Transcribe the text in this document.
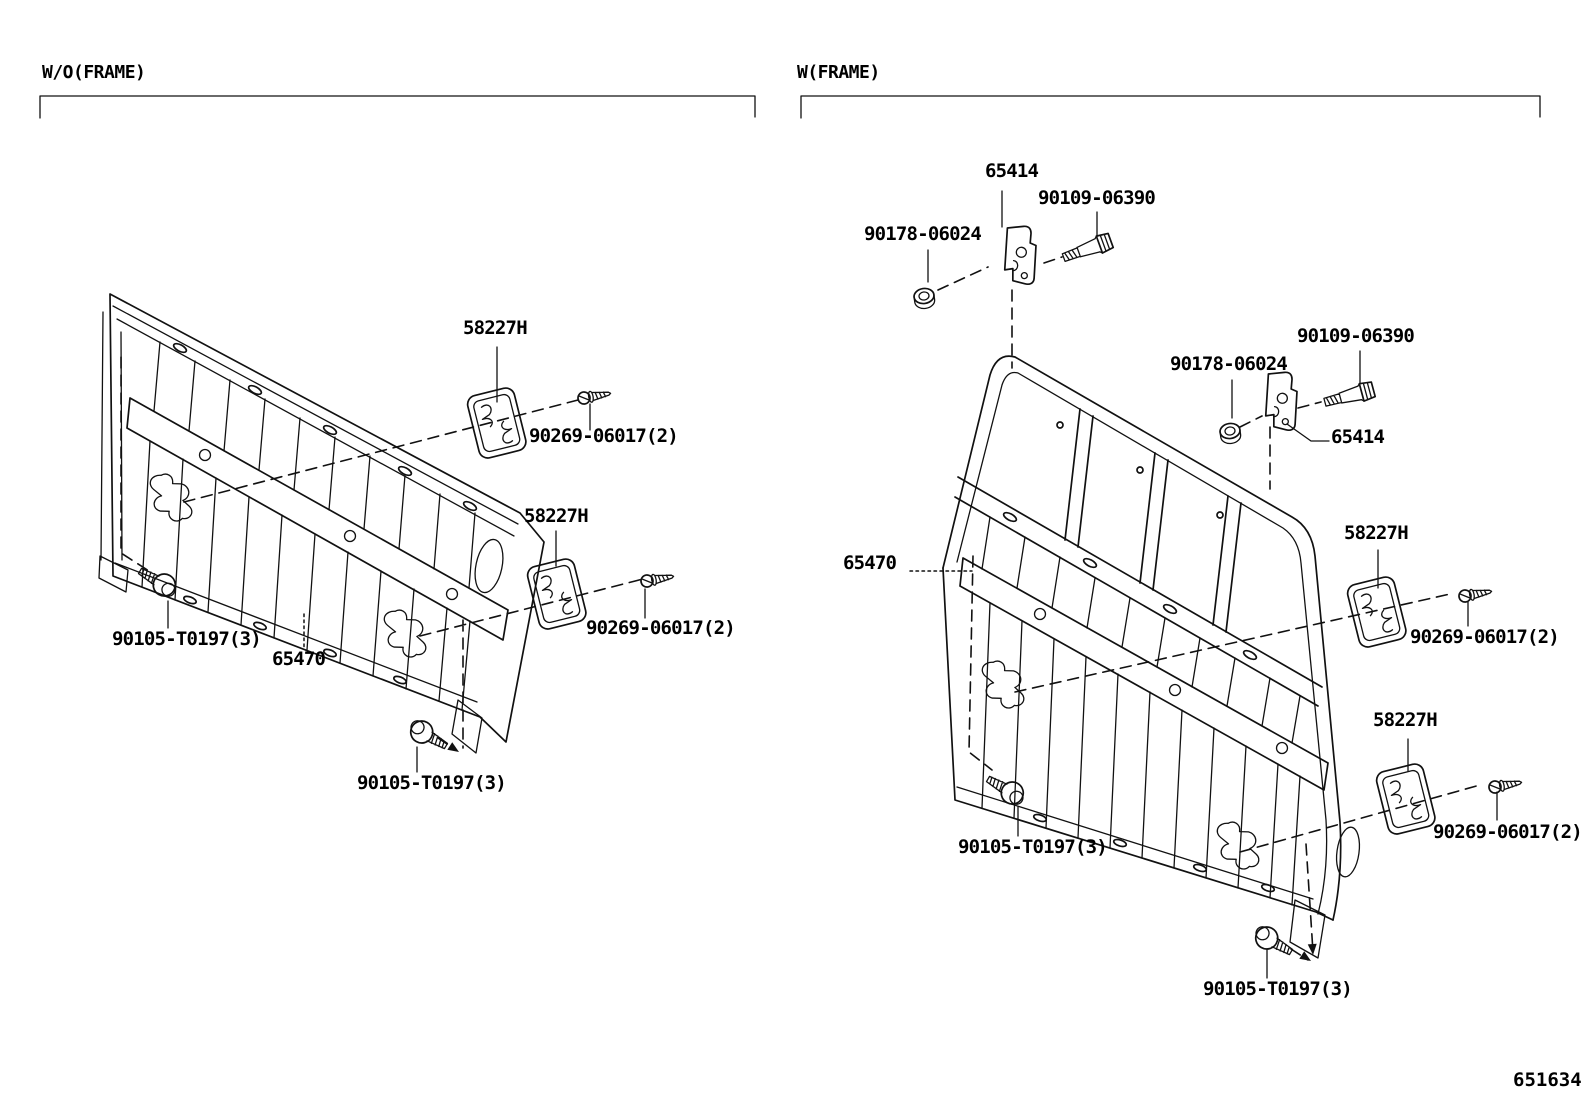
W/O(FRAME)	W(FRAME)
58227H
90269-06017(2)
58227H
90269-06017(2)
90105-T0197(3)
65470
90105-T0197(3)
65414
90109-06390
90178-06024
90109-06390
90178-06024
65414
58227H
65470
90269-06017(2)
58227H
90269-06017(2)
90105-T0197(3)
90105-T0197(3)
651634
